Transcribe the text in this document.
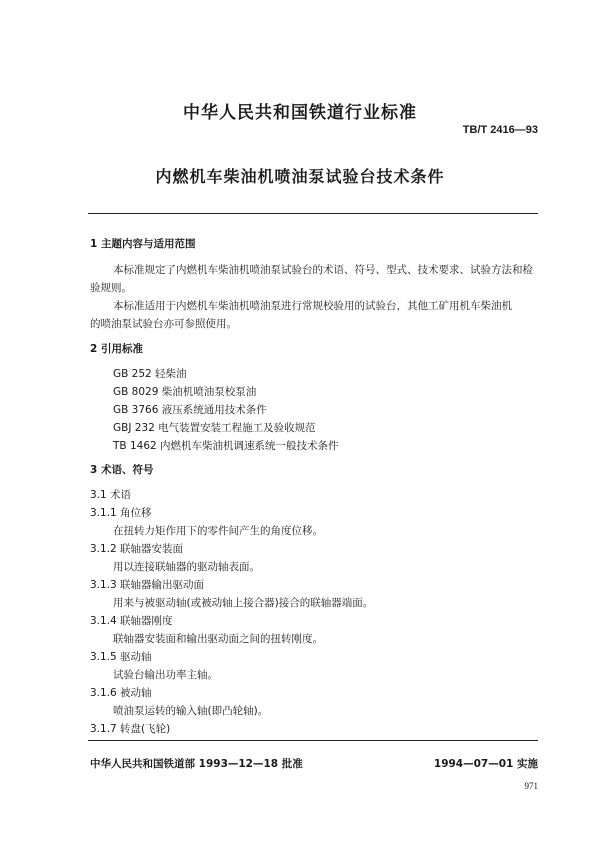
中华人民共和国铁道行业标准
TB/T 2416—93
内燃机车柴油机喷油泵试验台技术条件
1 主题内容与适用范围
本标准规定了内燃机车柴油机喷油泵试验台的术语、符号、型式、技术要求、试验方法和检
验规则。
本标准适用于内燃机车柴油机喷油泵进行常规校验用的试验台，其他工矿用机车柴油机
的喷油泵试验台亦可参照使用。
2 引用标准
GB 252 轻柴油
GB 8029 柴油机喷油泵校泵油
GB 3766 液压系统通用技术条件
GBJ 232 电气装置安装工程施工及验收规范
TB 1462 内燃机车柴油机调速系统一般技术条件
3 术语、符号
3.1 术语
3.1.1 角位移
在扭转力矩作用下的零件间产生的角度位移。
3.1.2 联轴器安装面
用以连接联轴器的驱动轴表面。
3.1.3 联轴器输出驱动面
用来与被驱动轴(或被动轴上接合器)接合的联轴器端面。
3.1.4 联轴器刚度
联轴器安装面和输出驱动面之间的扭转刚度。
3.1.5 驱动轴
试验台输出功率主轴。
3.1.6 被动轴
喷油泵运转的输入轴(即凸轮轴)。
3.1.7 转盘(飞轮)
中华人民共和国铁道部 1993—12—18 批准	1994—07—01 实施
971
